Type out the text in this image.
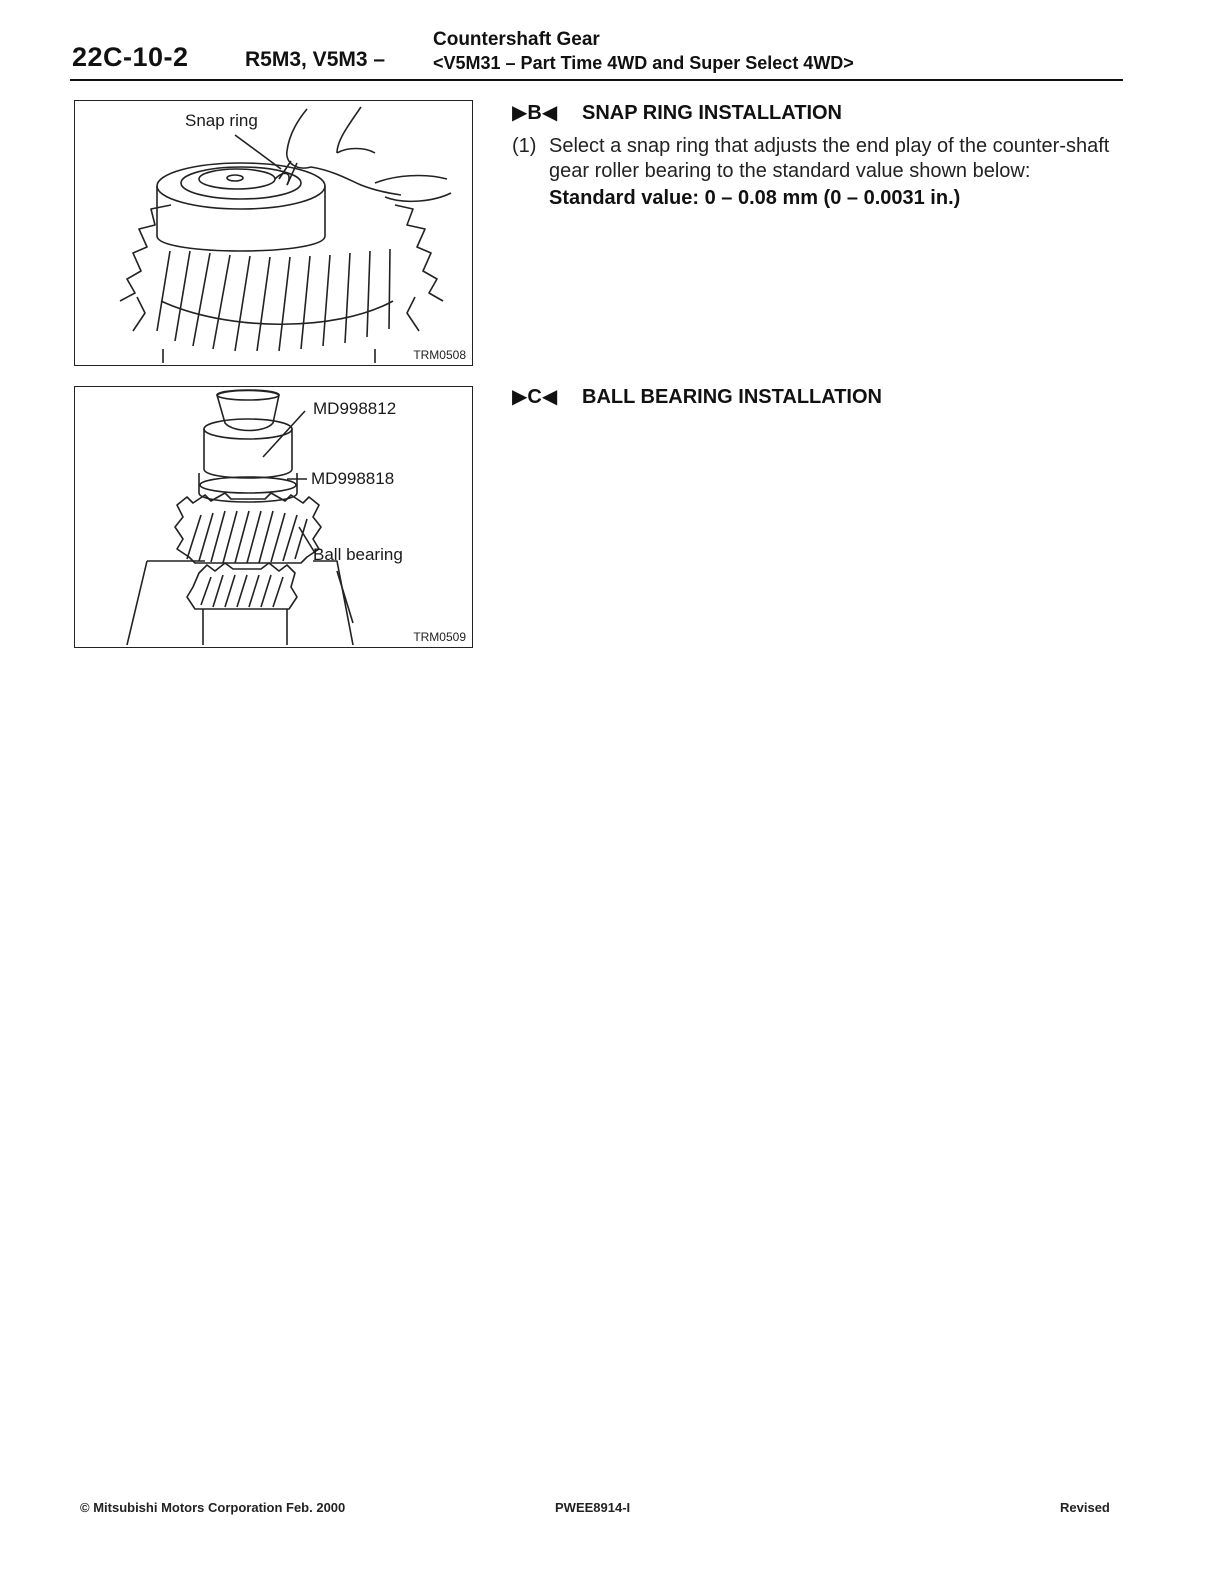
22C-10-2	R5M3, V5M3 –
Countershaft Gear
<V5M31 – Part Time 4WD and Super Select 4WD>
Snap ring
TRM0508
MD998812
MD998818
Ball bearing
TRM0509
▶B◀ SNAP RING INSTALLATION
(1) Select a snap ring that adjusts the end play of the counter-shaft gear roller bearing to the standard value shown below:
Standard value: 0 – 0.08 mm (0 – 0.0031 in.)
▶C◀ BALL BEARING INSTALLATION
© Mitsubishi Motors Corporation Feb. 2000	PWEE8914-I	Revised
